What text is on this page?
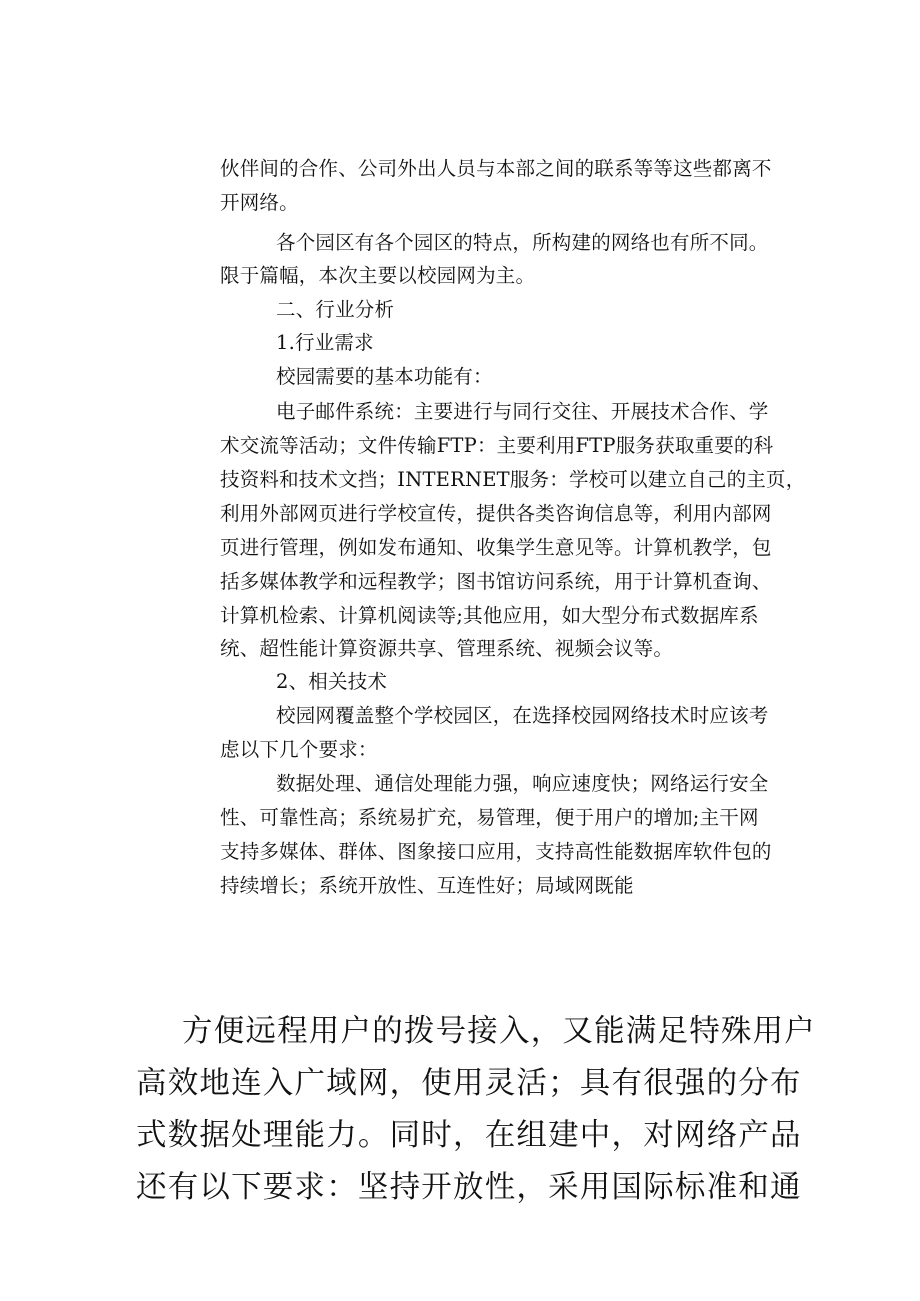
伙伴间的合作、公司外出人员与本部之间的联系等等这些都离不
开网络。
各个园区有各个园区的特点，所构建的网络也有所不同。
限于篇幅，本次主要以校园网为主。
二、行业分析
1.行业需求
校园需要的基本功能有：
电子邮件系统：主要进行与同行交往、开展技术合作、学
术交流等活动；文件传输FTP：主要利用FTP服务获取重要的科
技资料和技术文挡；INTERNET服务：学校可以建立自己的主页，
利用外部网页进行学校宣传，提供各类咨询信息等，利用内部网
页进行管理，例如发布通知、收集学生意见等。计算机教学，包
括多媒体教学和远程教学；图书馆访问系统，用于计算机查询、
计算机检索、计算机阅读等;其他应用，如大型分布式数据库系
统、超性能计算资源共享、管理系统、视频会议等。
2、相关技术
校园网覆盖整个学校园区，在选择校园网络技术时应该考
虑以下几个要求：
数据处理、通信处理能力强，响应速度快；网络运行安全
性、可靠性高；系统易扩充，易管理，便于用户的增加;主干网
支持多媒体、群体、图象接口应用，支持高性能数据库软件包的
持续增长；系统开放性、互连性好；局域网既能
方便远程用户的拨号接入，又能满足特殊用户
高效地连入广域网，使用灵活；具有很强的分布
式数据处理能力。同时，在组建中，对网络产品
还有以下要求：坚持开放性，采用国际标准和通
